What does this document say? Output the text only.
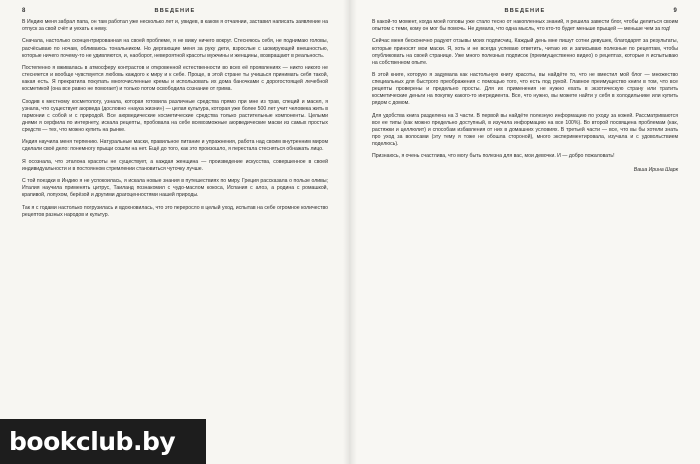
8	ВВЕДЕНИЕ

В Индию меня забрал папа, он там работал уже несколько лет и, увидев, в каком я отчаянии, заставил написать заявление на отпуск за свой счёт и уехать к нему.

Сначала, настолько сконцентрированная на своей проблеме, я не вижу ничего вокруг. Стесняюсь себя, не поднимаю головы, расчёсываю по ночам, обливаюсь тональником. Но дергающие меня за руку дети, взрослые с шокирующей внешностью, которые ничего почему-то не удивляются, и, наоборот, невероятной красоты мужчины и женщины, возвращают в реальность.

Постепенно я вживалась в атмосферу контрастов и откровенной естественности во всех её проявлениях — никто никого не стесняется и вообще чувствуется любовь каждого к миру и к себе. Проще, в этой стране ты учишься принимать себя такой, какая есть. Я прекратила покупать многочисленные кремы и использовать их дома баночками с дорогостоящей лечебной косметикой (она все равно не помогает) и только потом освободила сознание от грима.

Сходив к местному косметологу, узнала, которая готовила различные средства прямо при мне из трав, специй и масел, я узнала, что существует аюрведа (дословно «наука жизни») — целая культура, которая уже более 500 лет учит человека жить в гармонии с собой и с природой. Все аюрведические косметические средства только растительные компоненты. Целыми днями я серфила по интернету, искала рецепты, пробовала на себе всевозможные аюрведические маски из самых простых средств — тех, что можно купить на рынке.

Индия научила меня терпению. Натуральные маски, правильное питание и упражнения, работа над своим внутренним миром сделали своё дело: понемногу прыщи сошли на нет. Ещё до того, как это произошло, я перестала стесняться обнажать лицо.

Я осознала, что эталона красоты не существует, а каждая женщина — произведение искусства, совершенное в своей индивидуальности и в постоянном стремлении становиться чуточку лучше.

С той поездки в Индию я не успокоилась, я искала новые знания в путешествиях по миру. Греция рассказала о пользе оливы; Италия научила применять цитрус, Таиланд познакомил с чудо-маслом кокоса, Испания с алоэ, а родина с ромашкой, крапивой, лопухом, берёзой и другими драгоценностями нашей природы.

Так я с годами настолько погрузилась и вдохновилась, что это переросло в целый уход, испытав на себе огромное количество рецептов разных народов и культур.

ВВЕДЕНИЕ	9

В какой-то момент, когда моей головы уже стало тесно от накопленных знаний, я решила завести блог, чтобы делиться своим опытом с теми, кому он мог бы помочь. Не думала, что одна мысль, что кто-то будет меньше прыщей — меньше чем за год!

Сейчас меня бесконечно радуют отзывы моих подписчиц. Каждый день мне пишут сотни девушек, благодарят за результаты, которые приносят мои маски. Я, хоть и не всегда успеваю ответить, читаю их и записываю полезные по рецептам, чтобы опубликовать на своей странице. Уже много полезных подписок (преимущественно видео) о рецептах, которые я испытываю на собственном опыте.

В этой книге, которую я задумала как настольную книгу красоты, вы найдёте то, что не вместил мой блог — множество специальных для быстрого преображения с помощью того, что есть под рукой. Главное преимущество книги в том, что все рецепты проверены и предельно просты. Для их применения не нужно ехать в экзотическую страну или тратить косметические деньги на покупку какого-то ингредиента. Все, что нужно, вы можете найти у себя в холодильнике или купить рядом с домом.

Для удобства книга разделена на 3 части. В первой вы найдёте полезную информацию по уходу за кожей. Рассматриваются все ее типы (как можно предельно доступный, в изучила информацию на все 100%). Во второй посвящена проблемам (как, растяжки и целлюлит) и способам избавления от них в домашних условиях. В третьей части — все, что вы бы хотели знать про уход за волосами (эту тему я тоже не обошла стороной), много экспериментировала, изучала и с удовольствием поделюсь).

Признаюсь, я очень счастлива, что могу быть полезна для вас, мои девочки. И — добро пожаловать!

Ваша Ирина Шарк

bookclub.by
